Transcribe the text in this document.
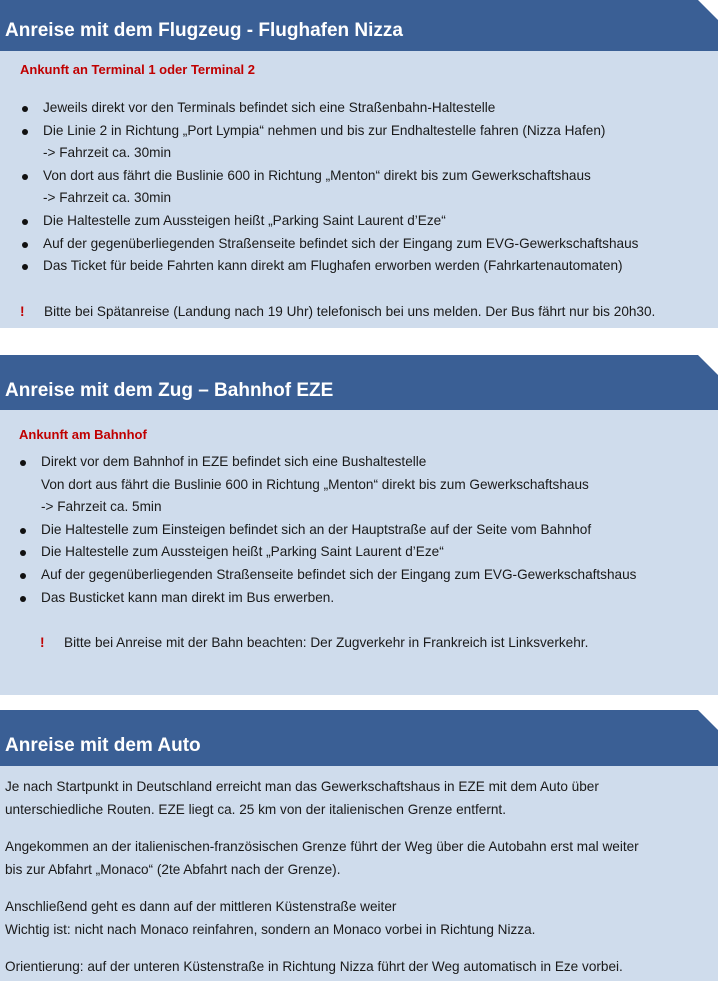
Anreise mit dem Flugzeug - Flughafen Nizza
Ankunft an Terminal 1 oder Terminal 2
Jeweils direkt vor den Terminals befindet sich eine Straßenbahn-Haltestelle
Die Linie 2 in Richtung „Port Lympia“ nehmen und bis zur Endhaltestelle fahren (Nizza Hafen)
-> Fahrzeit ca. 30min
Von dort aus fährt die Buslinie 600 in Richtung „Menton“ direkt bis zum Gewerkschaftshaus
-> Fahrzeit ca. 30min
Die Haltestelle zum Aussteigen heißt „Parking Saint Laurent d’Eze“
Auf der gegenüberliegenden Straßenseite befindet sich der Eingang zum EVG-Gewerkschaftshaus
Das Ticket für beide Fahrten kann direkt am Flughafen erworben werden (Fahrkartenautomaten)
! Bitte bei Spätanreise (Landung nach 19 Uhr) telefonisch bei uns melden. Der Bus fährt nur bis 20h30.
Anreise mit dem Zug – Bahnhof EZE
Ankunft am Bahnhof
Direkt vor dem Bahnhof in EZE befindet sich eine Bushaltestelle
Von dort aus fährt die Buslinie 600 in Richtung „Menton“ direkt bis zum Gewerkschaftshaus
-> Fahrzeit ca. 5min
Die Haltestelle zum Einsteigen befindet sich an der Hauptstraße auf der Seite vom Bahnhof
Die Haltestelle zum Aussteigen heißt „Parking Saint Laurent d’Eze“
Auf der gegenüberliegenden Straßenseite befindet sich der Eingang zum EVG-Gewerkschaftshaus
Das Busticket kann man direkt im Bus erwerben.
! Bitte bei Anreise mit der Bahn beachten: Der Zugverkehr in Frankreich ist Linksverkehr.
Anreise mit dem Auto
Je nach Startpunkt in Deutschland erreicht man das Gewerkschaftshaus in EZE mit dem Auto über
unterschiedliche Routen. EZE liegt ca. 25 km von der italienischen Grenze entfernt.
Angekommen an der italienischen-französischen Grenze führt der Weg über die Autobahn erst mal weiter
bis zur Abfahrt „Monaco“ (2te Abfahrt nach der Grenze).
Anschließend geht es dann auf der mittleren Küstenstraße weiter
Wichtig ist: nicht nach Monaco reinfahren, sondern an Monaco vorbei in Richtung Nizza.
Orientierung: auf der unteren Küstenstraße in Richtung Nizza führt der Weg automatisch in Eze vorbei.
